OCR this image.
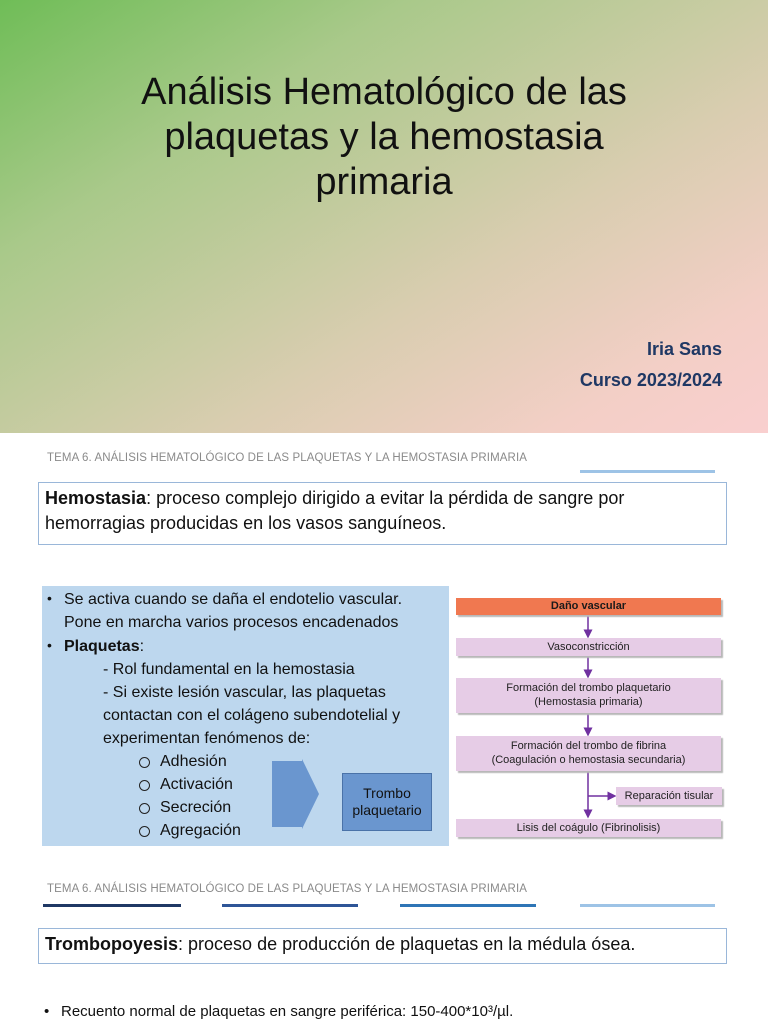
Análisis Hematológico de las
plaquetas y la hemostasia
primaria
Iria Sans
Curso 2023/2024
TEMA 6. ANÁLISIS HEMATOLÓGICO DE LAS PLAQUETAS Y LA HEMOSTASIA PRIMARIA
Hemostasia: proceso complejo dirigido a evitar la pérdida de sangre por
hemorragias producidas en los vasos sanguíneos.
• Se activa cuando se daña el endotelio vascular.
Pone en marcha varios procesos encadenados
• Plaquetas:
- Rol fundamental en la hemostasia
- Si existe lesión vascular, las plaquetas
contactan con el colágeno subendotelial y
experimentan fenómenos de:
Adhesión
Activación
Secreción
Agregación
Trombo
plaquetario
Daño vascular
Vasoconstricción
Formación del trombo plaquetario
(Hemostasia primaria)
Formación del trombo de fibrina
(Coagulación o hemostasia secundaria)
Reparación tisular
Lisis del coágulo (Fibrinolisis)
TEMA 6. ANÁLISIS HEMATOLÓGICO DE LAS PLAQUETAS Y LA HEMOSTASIA PRIMARIA
Trombopoyesis: proceso de producción de plaquetas en la médula ósea.
• Recuento normal de plaquetas en sangre periférica: 150-400*10³/µl.
